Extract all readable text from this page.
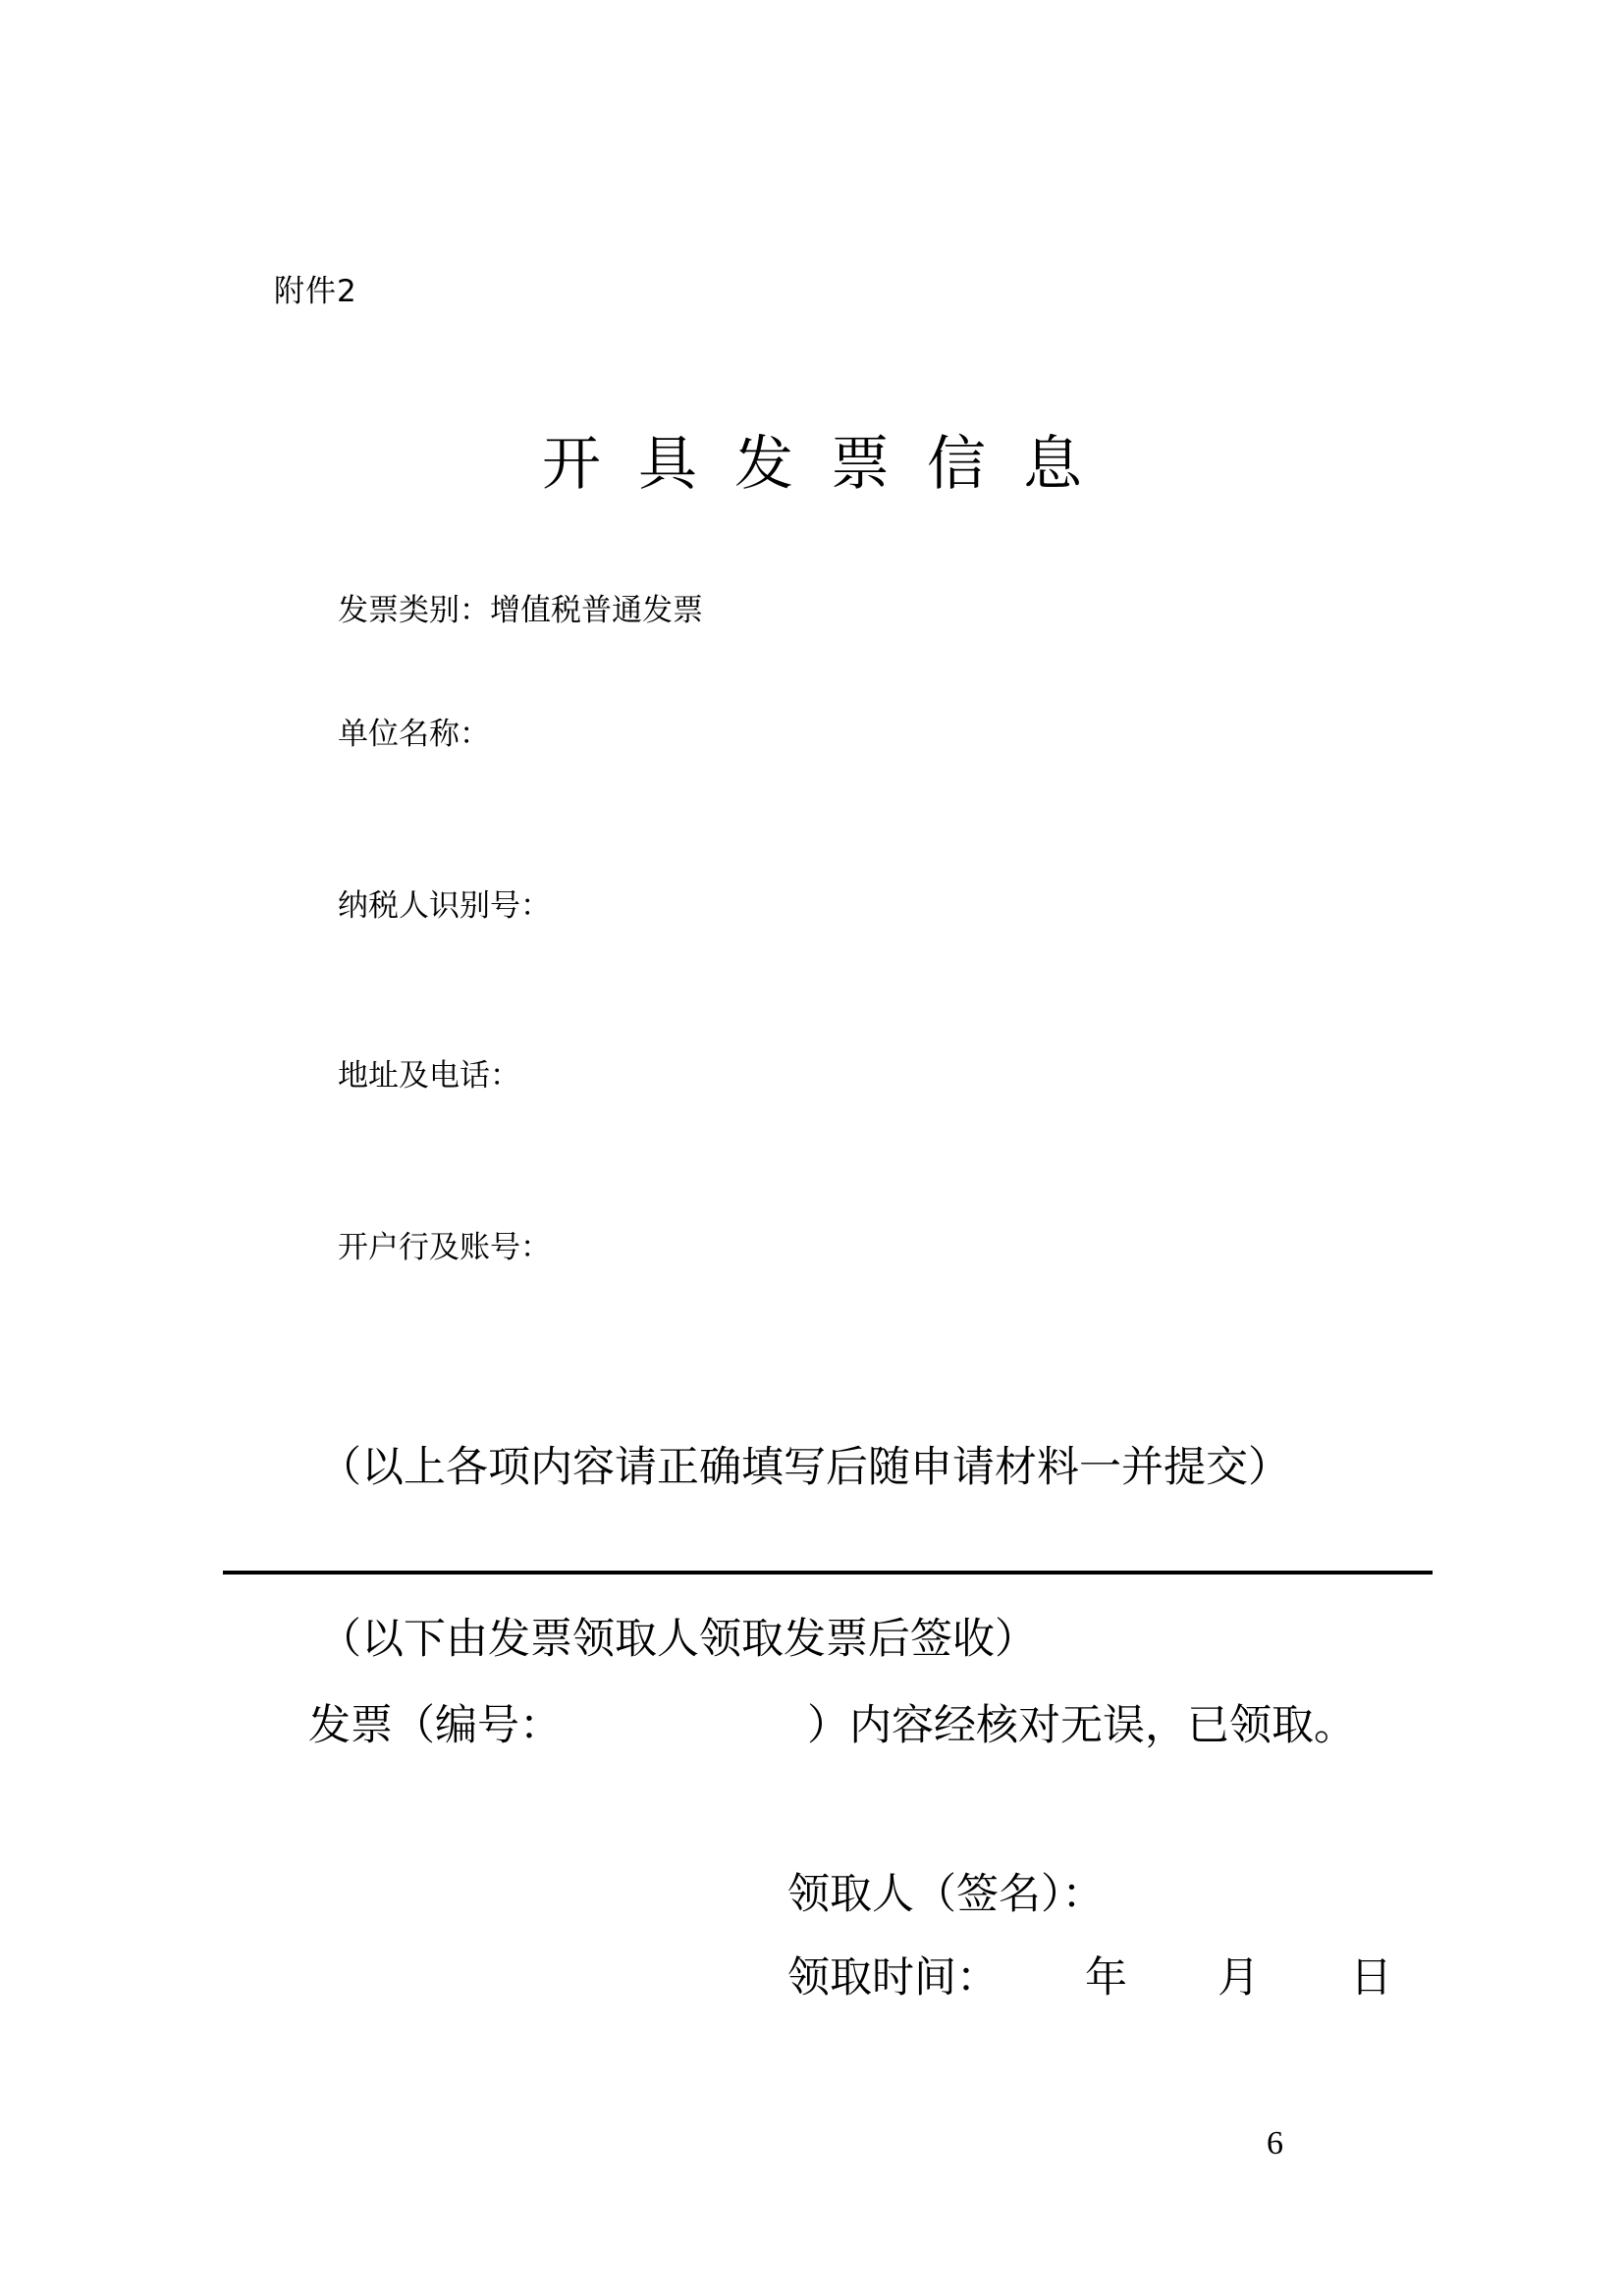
附件2
开具发票信息
发票类别：增值税普通发票
单位名称：
纳税人识别号：
地址及电话：
开户行及账号：
（以上各项内容请正确填写后随申请材料一并提交）
（以下由发票领取人领取发票后签收）
发票（编号：	）内容经核对无误，已领取。
领取人（签名）：
领取时间： 年 月 日
6
